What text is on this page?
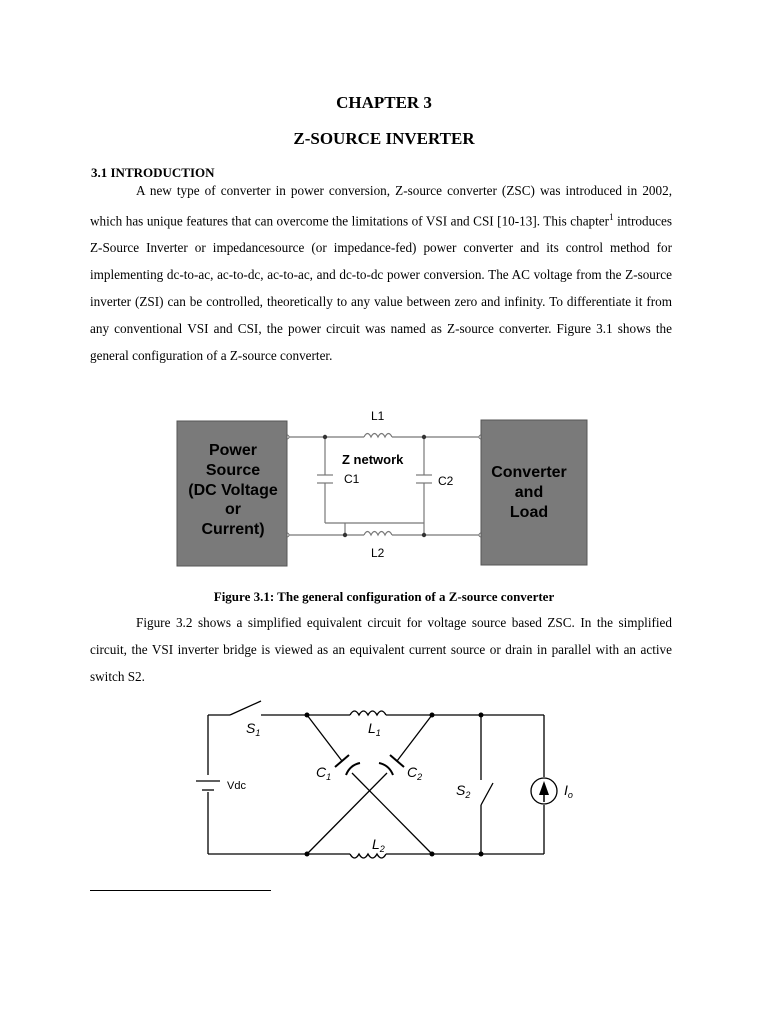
CHAPTER 3
Z-SOURCE INVERTER
3.1 INTRODUCTION

A new type of converter in power conversion, Z-source converter (ZSC) was introduced in 2002, which has unique features that can overcome the limitations of VSI and CSI [10-13]. This chapter$^1$ introduces Z-Source Inverter or impedancesource (or impedance-fed) power converter and its control method for implementing dc-to-ac, ac-to-dc, ac-to-ac, and dc-to-dc power conversion. The AC voltage from the Z-source inverter (ZSI) can be controlled, theoretically to any value between zero and infinity. To differentiate it from any conventional VSI and CSI, the power circuit was named as Z-source converter. Figure 3.1 shows the general configuration of a Z-source converter.

Power
Source
(DC Voltage
or
Current)
Converter
and
Load
L1
L2
Z network
C1	C2
Figure 3.1: The general configuration of a Z-source converter

Figure 3.2 shows a simplified equivalent circuit for voltage source based ZSC. In the simplified circuit, the VSI inverter bridge is viewed as an equivalent current source or drain in parallel with an active switch S2.

$S_1$	$L_1$
$C_1$	$C_2$
$S_2$
$L_2$
$I_o$
Vdc
